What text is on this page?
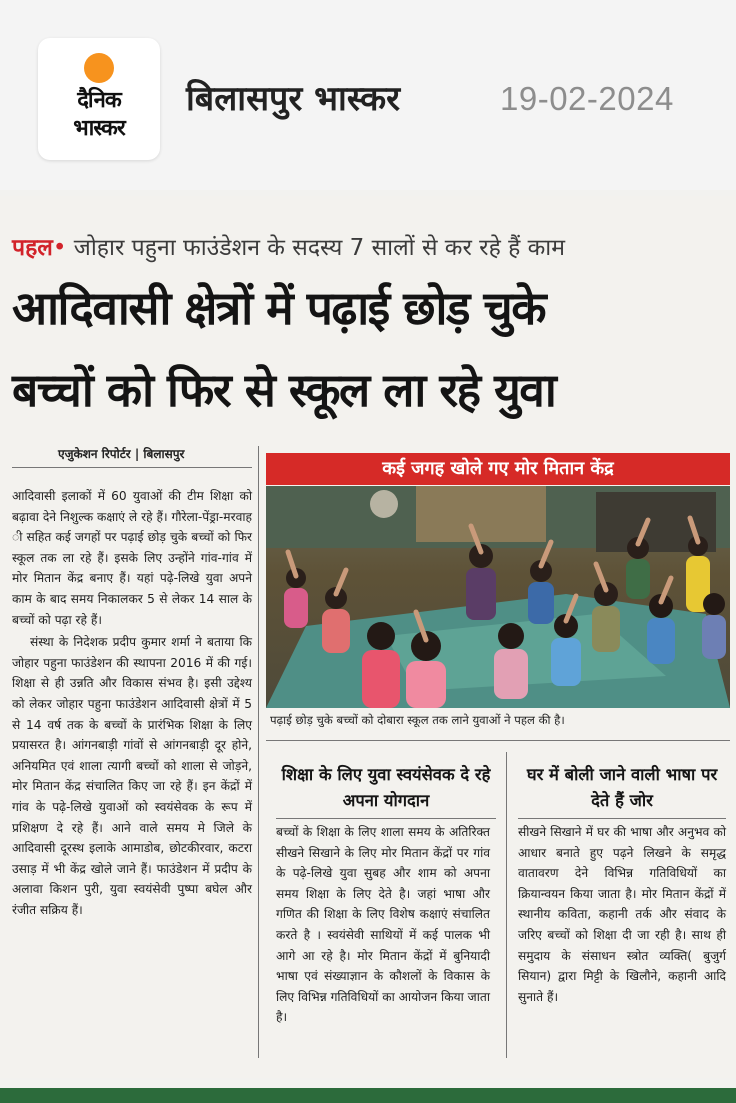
दैनिक
भास्कर
बिलासपुर भास्कर	19-02-2024
पहल• जोहार पहुना फाउंडेशन के सदस्य 7 सालों से कर रहे हैं काम
आदिवासी क्षेत्रों में पढ़ाई छोड़ चुके
बच्चों को फिर से स्कूल ला रहे युवा
एजुकेशन रिपोर्टर | बिलासपुर

आदिवासी इलाकों में 60 युवाओं की टीम शिक्षा को बढ़ावा देने निशुल्क कक्षाएं ले रहे हैं। गौरेला-पेंड्रा-मरवाह ी सहित कई जगहों पर पढ़ाई छोड़ चुके बच्चों को फिर स्कूल तक ला रहे हैं। इसके लिए उन्होंने गांव-गांव में मोर मितान केंद्र बनाए हैं। यहां पढ़े-लिखे युवा अपने काम के बाद समय निकालकर 5 से लेकर 14 साल के बच्चों को पढ़ा रहे हैं।

संस्था के निदेशक प्रदीप कुमार शर्मा ने बताया कि जोहार पहुना फाउंडेशन की स्थापना 2016 में की गई। शिक्षा से ही उन्नति और विकास संभव है। इसी उद्देश्य को लेकर जोहार पहुना फाउंडेशन आदिवासी क्षेत्रों में 5 से 14 वर्ष तक के बच्चों के प्रारंभिक शिक्षा के लिए प्रयासरत है। आंगनबाड़ी गांवों से आंगनबाड़ी दूर होने, अनियमित एवं शाला त्यागी बच्चों को शाला से जोड़ने, मोर मितान केंद्र संचालित किए जा रहे हैं। इन केंद्रों में गांव के पढ़े-लिखे युवाओं को स्वयंसेवक के रूप में प्रशिक्षण दे रहे हैं। आने वाले समय मे जिले के आदिवासी दूरस्थ इलाके आमाडोब, छोटकीरवार, कटरा उसाड़ में भी केंद्र खोले जाने हैं। फाउंडेशन में प्रदीप के अलावा किशन पुरी, युवा स्वयंसेवी पुष्पा बघेल और रंजीत सक्रिय हैं।

कई जगह खोले गए मोर मितान केंद्र
पढ़ाई छोड़ चुके बच्चों को दोबारा स्कूल तक लाने युवाओं ने पहल की है।
शिक्षा के लिए युवा स्वयंसेवक दे रहे अपना योगदान

बच्चों के शिक्षा के लिए शाला समय के अतिरिक्त सीखने सिखाने के लिए मोर मितान केंद्रों पर गांव के पढ़े-लिखे युवा सुबह और शाम को अपना समय शिक्षा के लिए देते है। जहां भाषा और गणित की शिक्षा के लिए विशेष कक्षाएं संचालित करते है । स्वयंसेवी साथियों में कई पालक भी आगे आ रहे है। मोर मितान केंद्रों में बुनियादी भाषा एवं संख्याज्ञान के कौशलों के विकास के लिए विभिन्न गतिविधियों का आयोजन किया जाता है।

घर में बोली जाने वाली भाषा पर देते हैं जोर

सीखने सिखाने में घर की भाषा और अनुभव को आधार बनाते हुए पढ़ने लिखने के समृद्ध वातावरण देने विभिन्न गतिविधियों का क्रियान्वयन किया जाता है। मोर मितान केंद्रों में स्थानीय कविता, कहानी तर्क और संवाद के जरिए बच्चों को शिक्षा दी जा रही है। साथ ही समुदाय के संसाधन स्त्रोत व्यक्ति( बुजुर्ग सियान) द्वारा मिट्टी के खिलौने, कहानी आदि सुनाते हैं।
